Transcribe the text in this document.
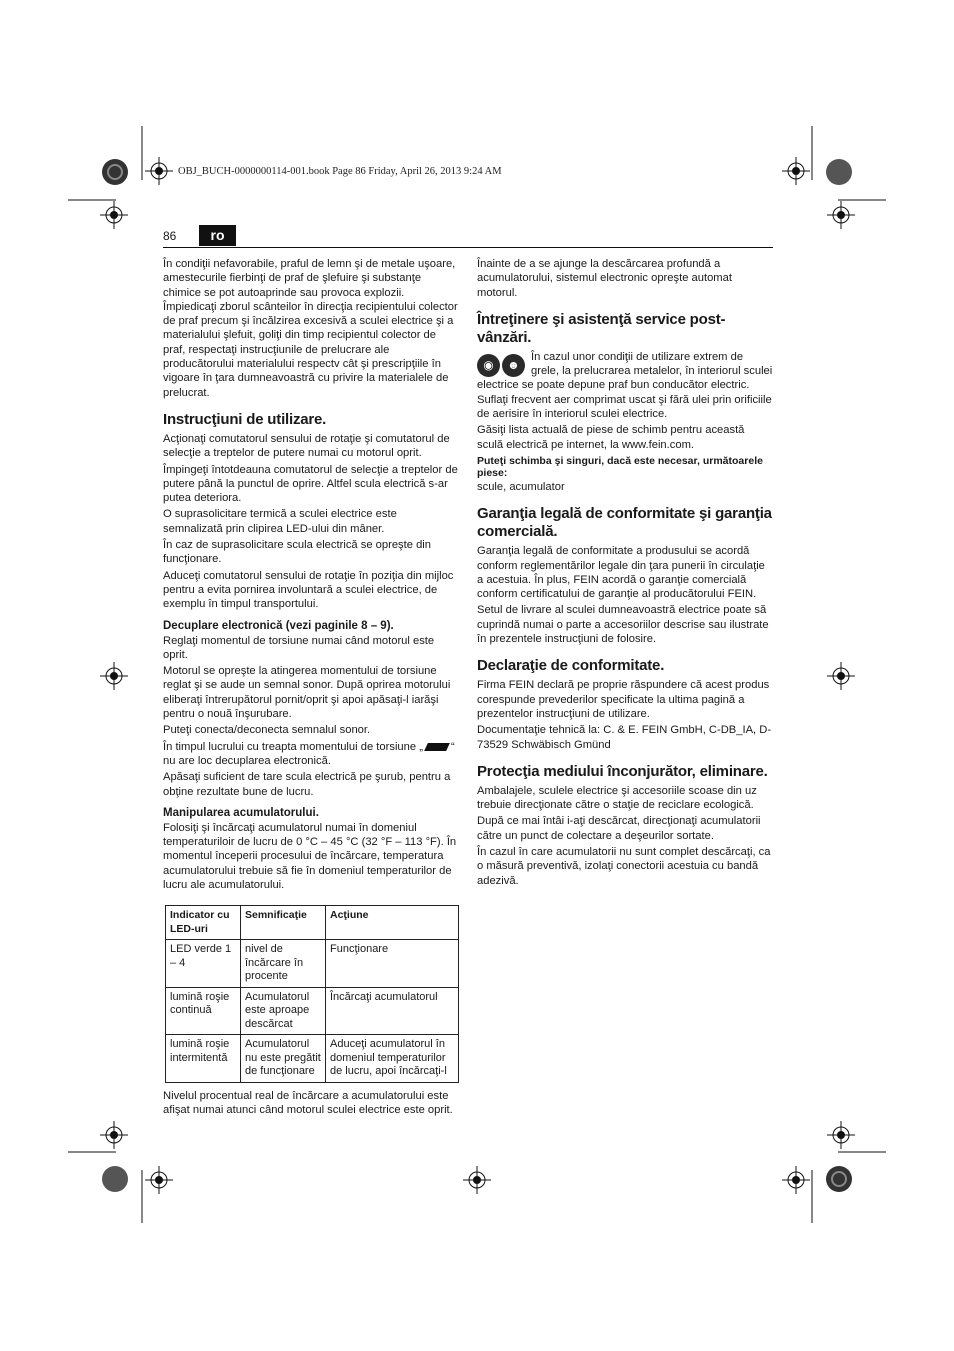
OBJ_BUCH-0000000114-001.book Page 86 Friday, April 26, 2013 9:24 AM
86	ro

În condiţii nefavorabile, praful de lemn şi de metale uşoare, amestecurile fierbinţi de praf de şlefuire şi substanţe chimice se pot autoaprinde sau provoca explozii. Împiedicaţi zborul scânteilor în direcţia recipientului colector de praf precum şi încălzirea excesivă a sculei electrice şi a materialului şlefuit, goliţi din timp recipientul colector de praf, respectaţi instrucţiunile de prelucrare ale producătorului materialului respectv cât şi prescripţiile în vigoare în ţara dumneavoastră cu privire la materialele de prelucrat.

Instrucţiuni de utilizare.

Acţionaţi comutatorul sensului de rotaţie şi comutatorul de selecţie a treptelor de putere numai cu motorul oprit.

Împingeţi întotdeauna comutatorul de selecţie a treptelor de putere până la punctul de oprire. Altfel scula electrică s-ar putea deteriora.

O suprasolicitare termică a sculei electrice este semnalizată prin clipirea LED-ului din mâner.

În caz de suprasolicitare scula electrică se opreşte din funcţionare.

Aduceţi comutatorul sensului de rotaţie în poziţia din mijloc pentru a evita pornirea involuntară a sculei electrice, de exemplu în timpul transportului.

Decuplare electronică (vezi paginile 8 – 9).

Reglaţi momentul de torsiune numai când motorul este oprit.

Motorul se opreşte la atingerea momentului de torsiune reglat şi se aude un semnal sonor. După oprirea motorului eliberaţi întrerupătorul pornit/oprit şi apoi apăsaţi-l iarăşi pentru o nouă înşurubare.

Puteţi conecta/deconecta semnalul sonor.

În timpul lucrului cu treapta momentului de torsiune „	“ nu are loc decuplarea electronică.

Apăsaţi suficient de tare scula electrică pe şurub, pentru a obţine rezultate bune de lucru.

Manipularea acumulatorului.

Folosiţi şi încărcaţi acumulatorul numai în domeniul temperaturiloir de lucru de 0 °C – 45 °C (32 °F – 113 °F). În momentul începerii procesului de încărcare, temperatura acumulatorului trebuie să fie în domeniul temperaturilor de lucru ale acumulatorului.

Indicator cu LED-uri	Semnificaţie	Acţiune
LED verde 1 – 4	nivel de încărcare în procente	Funcţionare
lumină roşie continuă	Acumulatorul este aproape descărcat	Încărcaţi acumulatorul
lumină roşie intermitentă	Acumulatorul nu este pregătit de funcţionare	Aduceţi acumulatorul în domeniul temperaturilor de lucru, apoi încărcaţi-l

Nivelul procentual real de încărcare a acumulatorului este afişat numai atunci când motorul sculei electrice este oprit.

Înainte de a se ajunge la descărcarea profundă a acumulatorului, sistemul electronic opreşte automat motorul.

Întreţinere şi asistenţă service post-vânzări.
◉ ☻

În cazul unor condiţii de utilizare extrem de grele, la prelucrarea metalelor, în interiorul sculei electrice se poate depune praf bun conducător electric. Suflaţi frecvent aer comprimat uscat şi fără ulei prin orificiile de aerisire în interiorul sculei electrice.

Găsiţi lista actuală de piese de schimb pentru această sculă electrică pe internet, la www.fein.com.

Puteţi schimba şi singuri, dacă este necesar, următoarele piese:

scule, acumulator

Garanţia legală de conformitate şi garanţia comercială.

Garanţia legală de conformitate a produsului se acordă conform reglementărilor legale din ţara punerii în circulaţie a acestuia. În plus, FEIN acordă o garanţie comercială conform certificatului de garanţie al producătorului FEIN.

Setul de livrare al sculei dumneavoastră electrice poate să cuprindă numai o parte a accesoriilor descrise sau ilustrate în prezentele instrucţiuni de folosire.

Declaraţie de conformitate.

Firma FEIN declară pe proprie răspundere că acest produs corespunde prevederilor specificate la ultima pagină a prezentelor instrucţiuni de utilizare.

Documentaţie tehnică la: C. & E. FEIN GmbH, C-DB_IA, D-73529 Schwäbisch Gmünd

Protecţia mediului înconjurător, eliminare.

Ambalajele, sculele electrice şi accesoriile scoase din uz trebuie direcţionate către o staţie de reciclare ecologică.

După ce mai întâi i-aţi descărcat, direcţionaţi acumulatorii către un punct de colectare a deşeurilor sortate.

În cazul în care acumulatorii nu sunt complet descărcaţi, ca o măsură preventivă, izolaţi conectorii acestuia cu bandă adezivă.
